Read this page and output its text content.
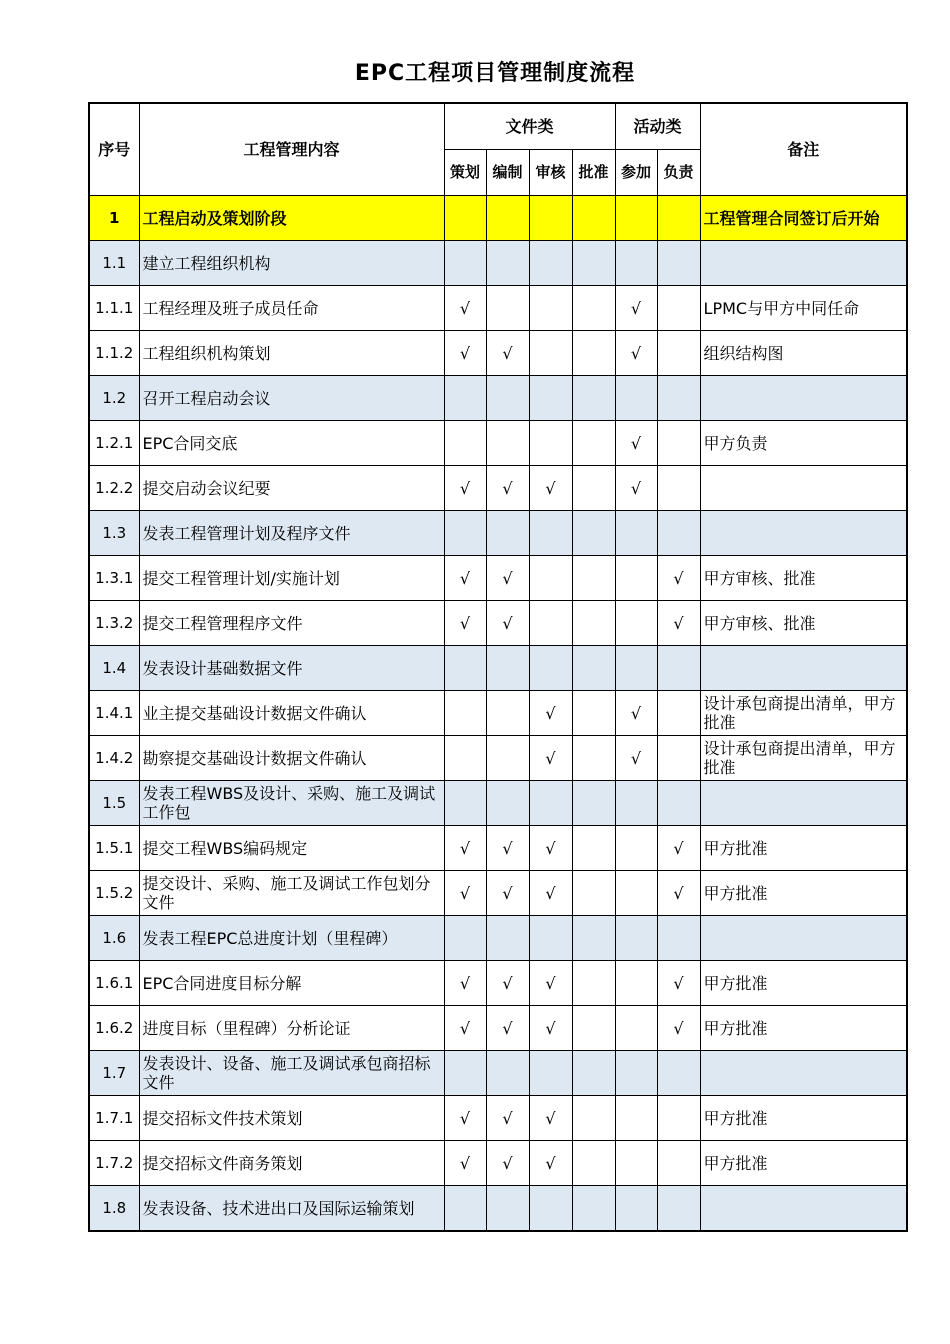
EPC工程项目管理制度流程
序号	工程管理内容	文件类				活动类		备注
		策划	编制	审核	批准	参加	负责	
1	工程启动及策划阶段							工程管理合同签订后开始
1.1	建立工程组织机构							
1.1.1	工程经理及班子成员任命	√				√		LPMC与甲方中同任命
1.1.2	工程组织机构策划	√	√			√		组织结构图
1.2	召开工程启动会议							
1.2.1	EPC合同交底					√		甲方负责
1.2.2	提交启动会议纪要	√	√	√		√		
1.3	发表工程管理计划及程序文件							
1.3.1	提交工程管理计划/实施计划	√	√				√	甲方审核、批准
1.3.2	提交工程管理程序文件	√	√				√	甲方审核、批准
1.4	发表设计基础数据文件							
1.4.1	业主提交基础设计数据文件确认			√		√		设计承包商提出清单，甲方批准
1.4.2	勘察提交基础设计数据文件确认			√		√		设计承包商提出清单，甲方批准
1.5	发表工程WBS及设计、采购、施工及调试工作包							
1.5.1	提交工程WBS编码规定	√	√	√			√	甲方批准
1.5.2	提交设计、采购、施工及调试工作包划分文件	√	√	√			√	甲方批准
1.6	发表工程EPC总进度计划（里程碑）							
1.6.1	EPC合同进度目标分解	√	√	√			√	甲方批准
1.6.2	进度目标（里程碑）分析论证	√	√	√			√	甲方批准
1.7	发表设计、设备、施工及调试承包商招标文件							
1.7.1	提交招标文件技术策划	√	√	√				甲方批准
1.7.2	提交招标文件商务策划	√	√	√				甲方批准
1.8	发表设备、技术进出口及国际运输策划							
